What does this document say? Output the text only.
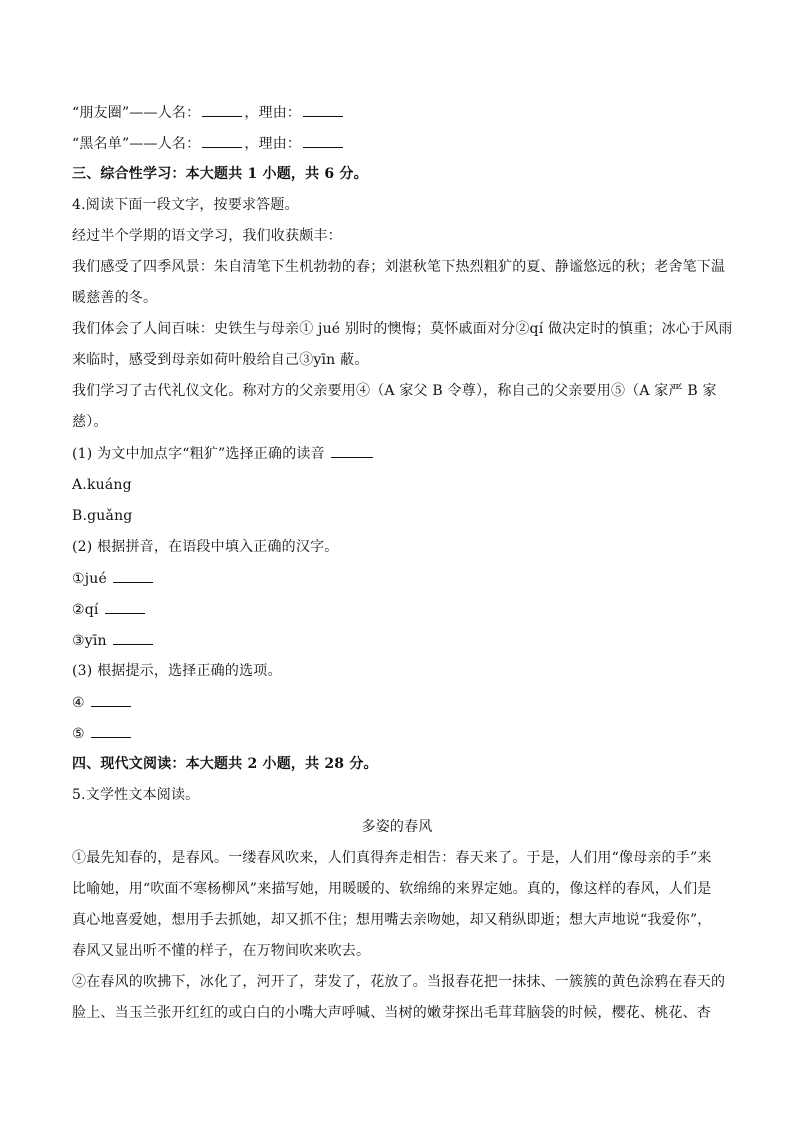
“朋友圈”——人名：	，理由：
“黑名单”——人名：	，理由：
三、综合性学习：本大题共 1 小题，共 6 分。
4.阅读下面一段文字，按要求答题。
经过半个学期的语文学习，我们收获颇丰：
我们感受了四季风景：朱自清笔下生机勃勃的春；刘湛秋笔下热烈粗犷的夏、静谧悠远的秋；老舍笔下温
暖慈善的冬。
我们体会了人间百味：史铁生与母亲① jué 别时的懊悔；莫怀戚面对分②qí 做决定时的慎重；冰心于风雨
来临时，感受到母亲如荷叶般给自己③yīn 蔽。
我们学习了古代礼仪文化。称对方的父亲要用④（A 家父 B 令尊），称自己的父亲要用⑤（A 家严 B 家
慈）。
(1) 为文中加点字“粗犷”选择正确的读音
A.kuáng
B.guǎng
(2) 根据拼音，在语段中填入正确的汉字。
①jué
②qí
③yīn
(3) 根据提示，选择正确的选项。
④
⑤
四、现代文阅读：本大题共 2 小题，共 28 分。
5.文学性文本阅读。
多姿的春风
①最先知春的，是春风。一缕春风吹来，人们真得奔走相告：春天来了。于是，人们用“像母亲的手”来
比喻她，用“吹面不寒杨柳风”来描写她，用暖暖的、软绵绵的来界定她。真的，像这样的春风，人们是
真心地喜爱她，想用手去抓她，却又抓不住；想用嘴去亲吻她，却又稍纵即逝；想大声地说“我爱你”，
春风又显出听不懂的样子，在万物间吹来吹去。
②在春风的吹拂下，冰化了，河开了，芽发了，花放了。当报春花把一抹抹、一簇簇的黄色涂鸦在春天的
脸上、当玉兰张开红红的或白白的小嘴大声呼喊、当树的嫩芽探出毛茸茸脑袋的时候，樱花、桃花、杏
